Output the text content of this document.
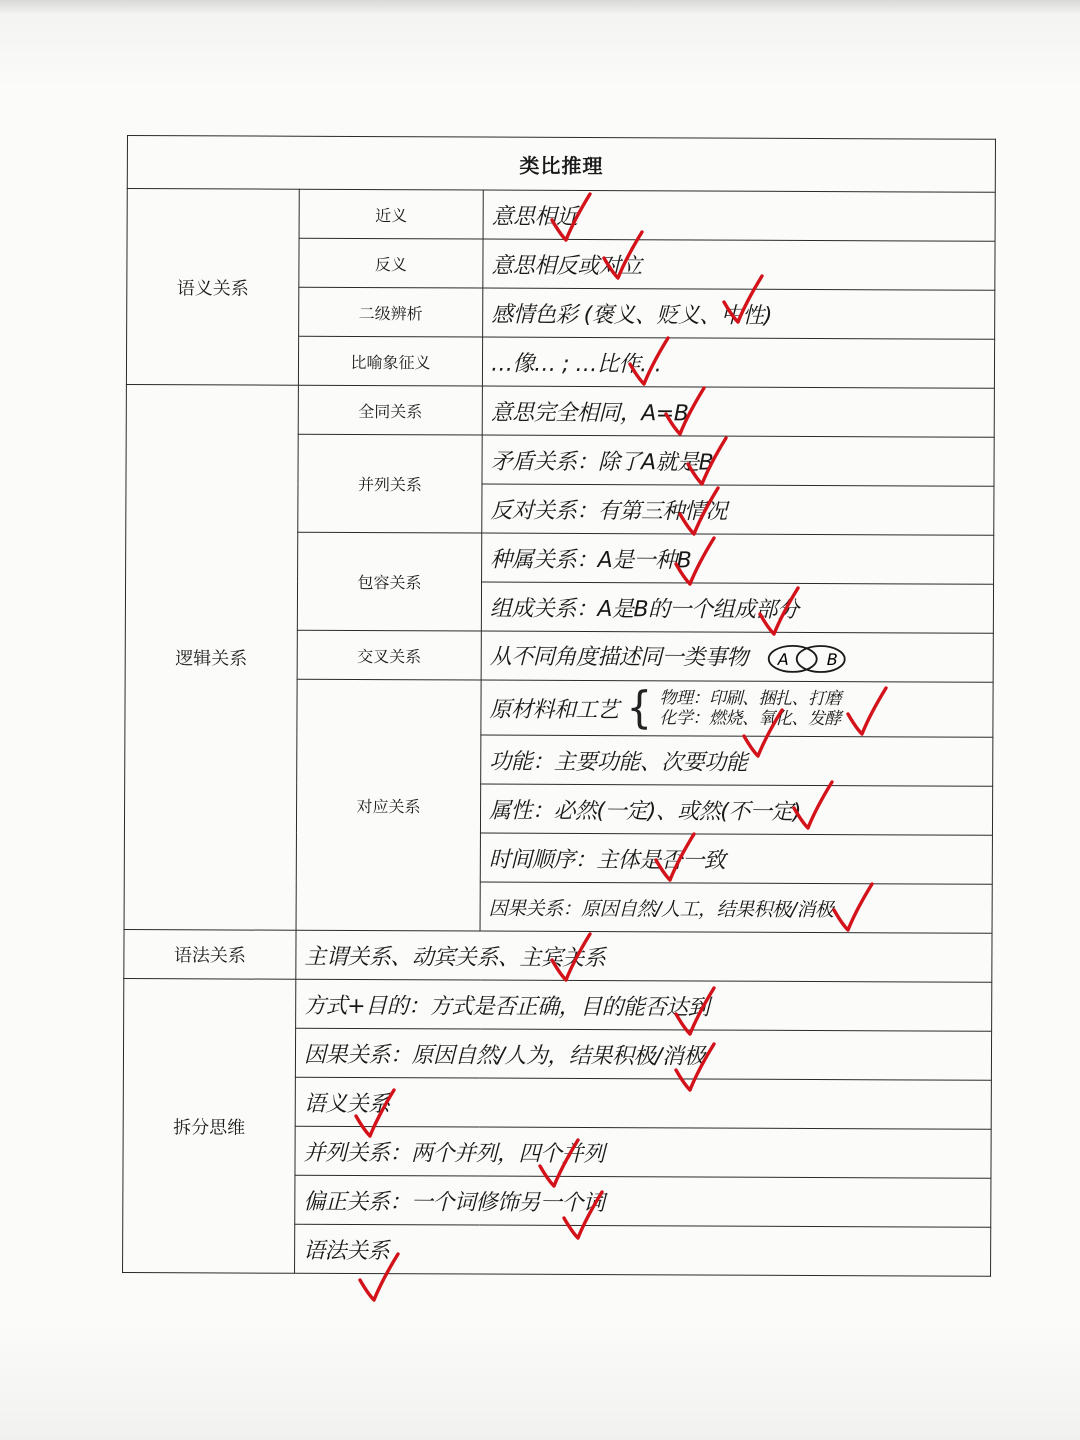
类比推理		
语义关系	近义	意思相近
	反义	意思相反或对立
	二级辨析	感情色彩 (褒义、贬义、中性)
	比喻象征义	…像… ; …比作…
逻辑关系	全同关系	意思完全相同，A=B
	并列关系	矛盾关系：除了A就是B
		反对关系：有第三种情况
	包容关系	种属关系：A是一种B
		组成关系：A是B的一个组成部分
	交叉关系	从不同角度描述同一类事物 A B

	对应关系	原材料和工艺 { 物理：印刷、捆扎、打磨
化学：燃烧、氧化、发酵

		功能：主要功能、次要功能
		属性：必然(一定)、或然(不一定)
		时间顺序：主体是否一致
		因果关系：原因自然/人工，结果积极/消极
语法关系	主谓关系、动宾关系、主宾关系	
拆分思维	方式+目的：方式是否正确，目的能否达到	
	因果关系：原因自然/人为，结果积极/消极	
	语义关系	
	并列关系：两个并列，四个并列	
	偏正关系：一个词修饰另一个词	
	语法关系	
